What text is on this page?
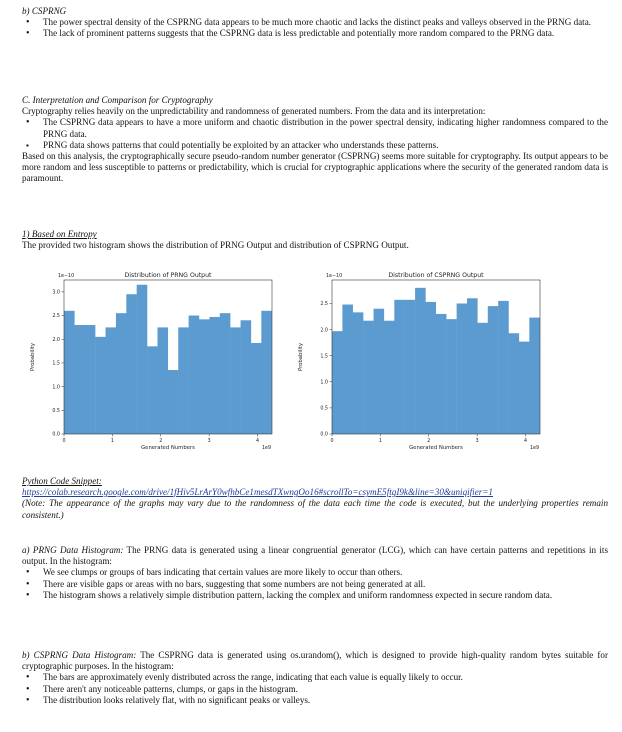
b) CSPRNG
• The power spectral density of the CSPRNG data appears to be much more chaotic and lacks the distinct peaks and valleys observed in the PRNG data.
• The lack of prominent patterns suggests that the CSPRNG data is less predictable and potentially more random compared to the PRNG data.
C. Interpretation and Comparison for Cryptography

Cryptography relies heavily on the unpredictability and randomness of generated numbers. From the data and its interpretation:

• The CSPRNG data appears to have a more uniform and chaotic distribution in the power spectral density, indicating higher randomness compared to the PRNG data.
▪ PRNG data shows patterns that could potentially be exploited by an attacker who understands these patterns.

Based on this analysis, the cryptographically secure pseudo-random number generator (CSPRNG) seems more suitable for cryptography. Its output appears to be more random and less susceptible to patterns or predictability, which is crucial for cryptographic applications where the security of the generated random data is paramount.

1) Based on Entropy

The provided two histogram shows the distribution of PRNG Output and distribution of CSPRNG Output.

Distribution of PRNG Output
1e−10
0.0
0.5
1.0
1.5
2.0
2.5
3.0
0	1	2	3	4
Generated Numbers	1e9
Probability
Distribution of CSPRNG Output
1e−10
0.0
0.5
1.0
1.5
2.0
2.5
0	1	2	3	4
Generated Numbers	1e9
Probability
Python Code Snippet:
https://colab.research.google.com/drive/1fHiv5LrArY0wfhbCe1mesdTXwngOo16#scrollTo=csymE5ftgI9k&line=30&uniqifier=1

(Note: The appearance of the graphs may vary due to the randomness of the data each time the code is executed, but the underlying properties remain consistent.)

a) PRNG Data Histogram: The PRNG data is generated using a linear congruential generator (LCG), which can have certain patterns and repetitions in its output. In the histogram:

• We see clumps or groups of bars indicating that certain values are more likely to occur than others.
• There are visible gaps or areas with no bars, suggesting that some numbers are not being generated at all.
• The histogram shows a relatively simple distribution pattern, lacking the complex and uniform randomness expected in secure random data.

b) CSPRNG Data Histogram: The CSPRNG data is generated using os.urandom(), which is designed to provide high-quality random bytes suitable for cryptographic purposes. In the histogram:

• The bars are approximately evenly distributed across the range, indicating that each value is equally likely to occur.
• There aren't any noticeable patterns, clumps, or gaps in the histogram.
• The distribution looks relatively flat, with no significant peaks or valleys.
